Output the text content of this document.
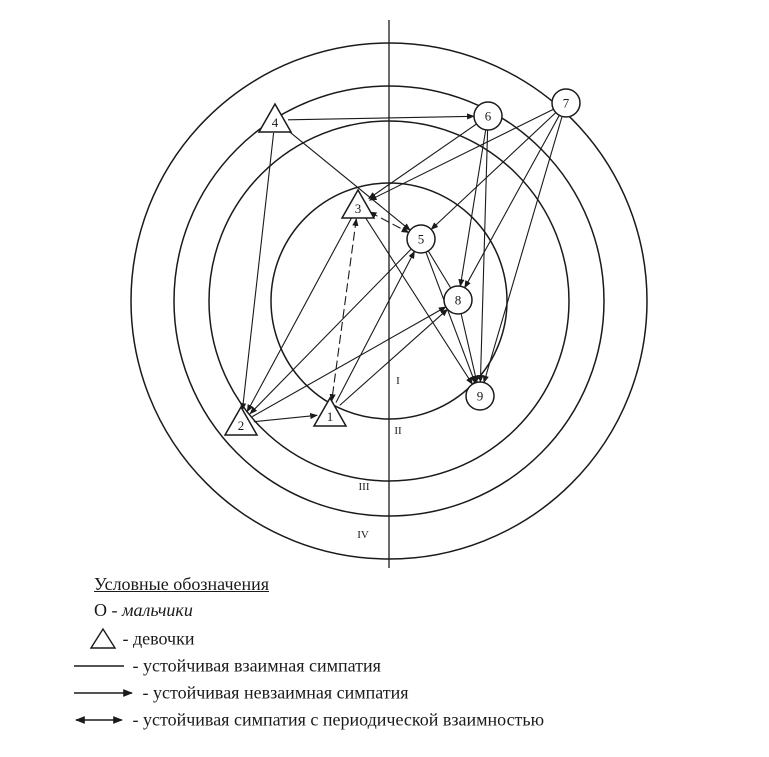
I
II
III
IV
1
2
3
4
5
6
7
8
9
Условные обозначения
О - мальчики
- девочки
- устойчивая взаимная симпатия
- устойчивая невзаимная симпатия
- устойчивая симпатия с периодической взаимностью
